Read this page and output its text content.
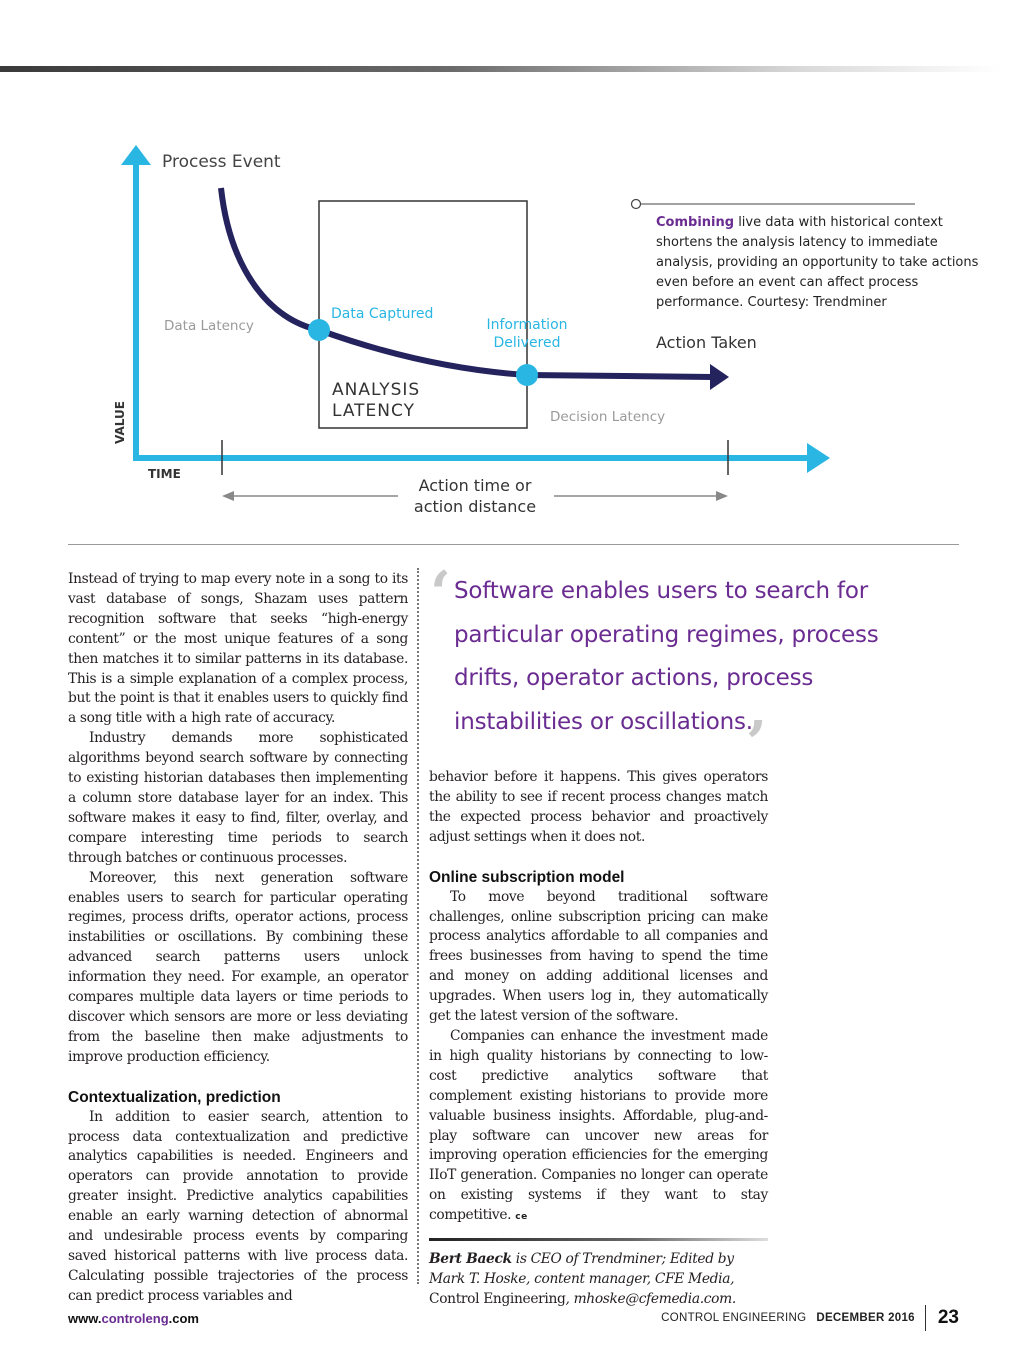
Process Event
Data Latency
Data Captured
Information
Delivered	Action Taken
ANALYSIS
LATENCY	Decision Latency
VALUE
TIME
Action time or
action distance
Combining live data with historical context shortens the analysis latency to immediate analysis, providing an opportunity to take actions even before an event can affect process performance. Courtesy: Trendminer

Instead of trying to map every note in a song to its vast database of songs, Shazam uses pattern recognition software that seeks “high-energy content” or the most unique features of a song then matches it to similar patterns in its database. This is a simple explanation of a complex process, but the point is that it enables users to quickly find a song title with a high rate of accuracy.

Industry demands more sophisticated algorithms beyond search software by connecting to existing historian databases then implementing a column store database layer for an index. This software makes it easy to find, filter, overlay, and compare interesting time periods to search through batches or continuous processes.

Moreover, this next generation software enables users to search for particular operating regimes, process drifts, operator actions, process instabilities or oscillations. By combining these advanced search patterns users unlock information they need. For example, an operator compares multiple data layers or time periods to discover which sensors are more or less deviating from the baseline then make adjustments to improve production efficiency.

Contextualization, prediction

In addition to easier search, attention to process data contextualization and predictive analytics capabilities is needed. Engineers and operators can provide annotation to provide greater insight. Predictive analytics capabilities enable an early warning detection of abnormal and undesirable process events by comparing saved historical patterns with live process data. Calculating possible trajectories of the process can predict process variables and

‘ Software enables users to search for particular operating regimes, process drifts, operator actions, process instabilities or oscillations.
’

behavior before it happens. This gives operators the ability to see if recent process changes match the expected process behavior and proactively adjust settings when it does not.

Online subscription model

To move beyond traditional software challenges, online subscription pricing can make process analytics affordable to all companies and frees businesses from having to spend the time and money on adding additional licenses and upgrades. When users log in, they automatically get the latest version of the software.

Companies can enhance the investment made in high quality historians by connecting to low-cost predictive analytics software that complement existing historians to provide more valuable business insights. Affordable, plug-and-play software can uncover new areas for improving operation efficiencies for the emerging IIoT generation. Companies no longer can operate on existing systems if they want to stay competitive. ce

Bert Baeck is CEO of Trendminer; Edited by Mark T. Hoske, content manager, CFE Media, Control Engineering, mhoske@cfemedia.com.

www.controleng.com	CONTROL ENGINEERING DECEMBER 2016 23
